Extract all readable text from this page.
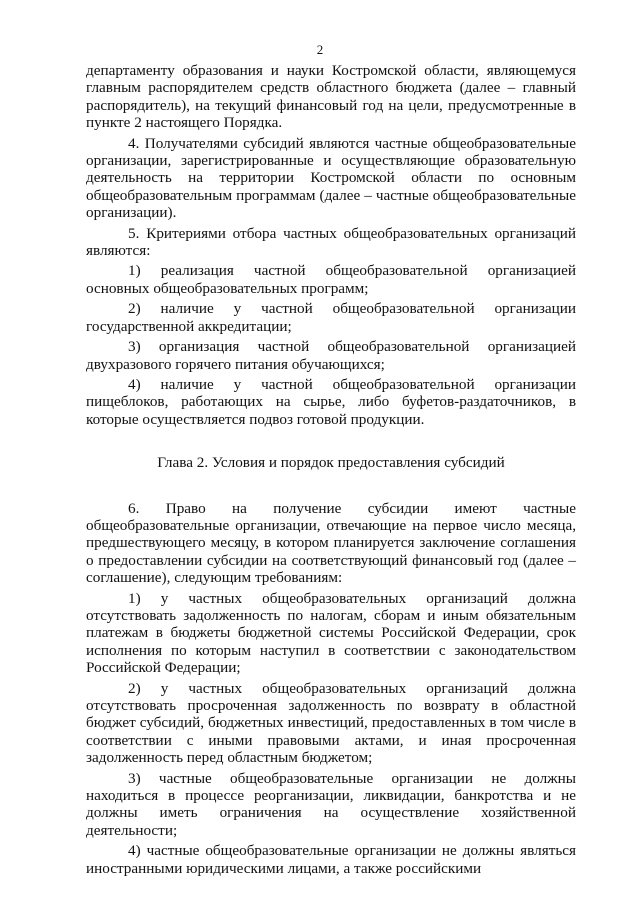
2

департаменту образования и науки Костромской области, являющемуся главным распорядителем средств областного бюджета (далее – главный распорядитель), на текущий финансовый год на цели, предусмотренные в пункте 2 настоящего Порядка.

4. Получателями субсидий являются частные общеобразовательные организации, зарегистрированные и осуществляющие образовательную деятельность на территории Костромской области по основным общеобразовательным программам (далее – частные общеобразовательные организации).

5. Критериями отбора частных общеобразовательных организаций являются:

1) реализация частной общеобразовательной организацией основных общеобразовательных программ;

2) наличие у частной общеобразовательной организации государственной аккредитации;

3) организация частной общеобразовательной организацией двухразового горячего питания обучающихся;

4) наличие у частной общеобразовательной организации пищеблоков, работающих на сырье, либо буфетов-раздаточников, в которые осуществляется подвоз готовой продукции.

Глава 2. Условия и порядок предоставления субсидий

6. Право на получение субсидии имеют частные общеобразовательные организации, отвечающие на первое число месяца, предшествующего месяцу, в котором планируется заключение соглашения о предоставлении субсидии на соответствующий финансовый год (далее – соглашение), следующим требованиям:

1) у частных общеобразовательных организаций должна отсутствовать задолженность по налогам, сборам и иным обязательным платежам в бюджеты бюджетной системы Российской Федерации, срок исполнения по которым наступил в соответствии с законодательством Российской Федерации;

2) у частных общеобразовательных организаций должна отсутствовать просроченная задолженность по возврату в областной бюджет субсидий, бюджетных инвестиций, предоставленных в том числе в соответствии с иными правовыми актами, и иная просроченная задолженность перед областным бюджетом;

3) частные общеобразовательные организации не должны находиться в процессе реорганизации, ликвидации, банкротства и не должны иметь ограничения на осуществление хозяйственной деятельности;

4) частные общеобразовательные организации не должны являться иностранными юридическими лицами, а также российскими
